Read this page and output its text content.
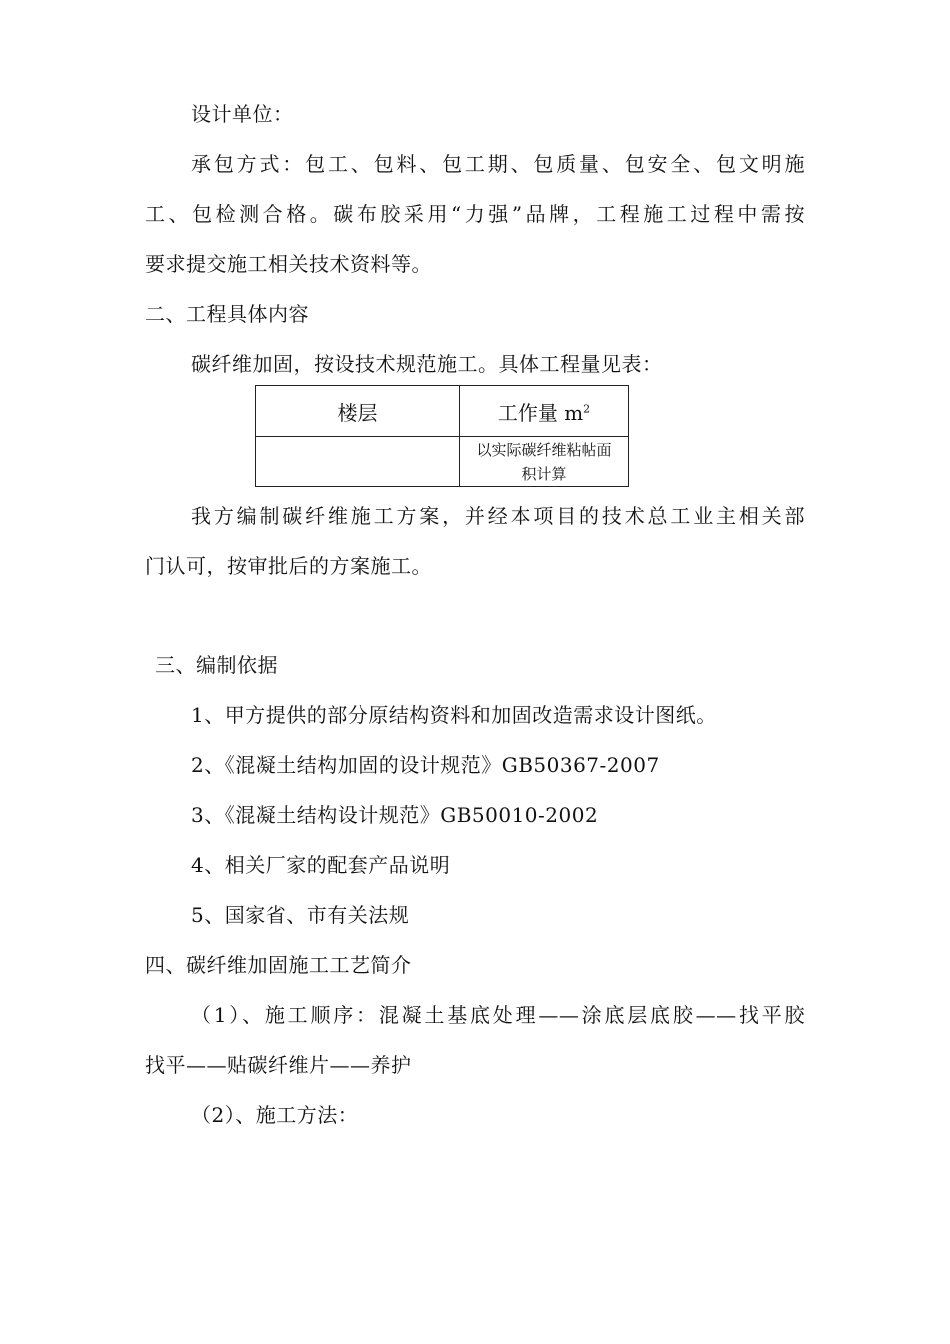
设计单位：
承包方式：包工、包料、包工期、包质量、包安全、包文明施
工、包检测合格。碳布胶采用“力强”品牌，工程施工过程中需按
要求提交施工相关技术资料等。
二、工程具体内容
碳纤维加固，按设技术规范施工。具体工程量见表：
楼层	工作量 $m^2$

	以实际碳纤维粘帖面
积计算
我方编制碳纤维施工方案，并经本项目的技术总工业主相关部
门认可，按审批后的方案施工。
三、编制依据
1、甲方提供的部分原结构资料和加固改造需求设计图纸。
2、《混凝土结构加固的设计规范》GB50367-2007
3、《混凝土结构设计规范》GB50010-2002
4、相关厂家的配套产品说明
5、国家省、市有关法规
四、碳纤维加固施工工艺简介
（1）、施工顺序：混凝土基底处理——涂底层底胶——找平胶
找平——贴碳纤维片——养护
（2）、施工方法：
